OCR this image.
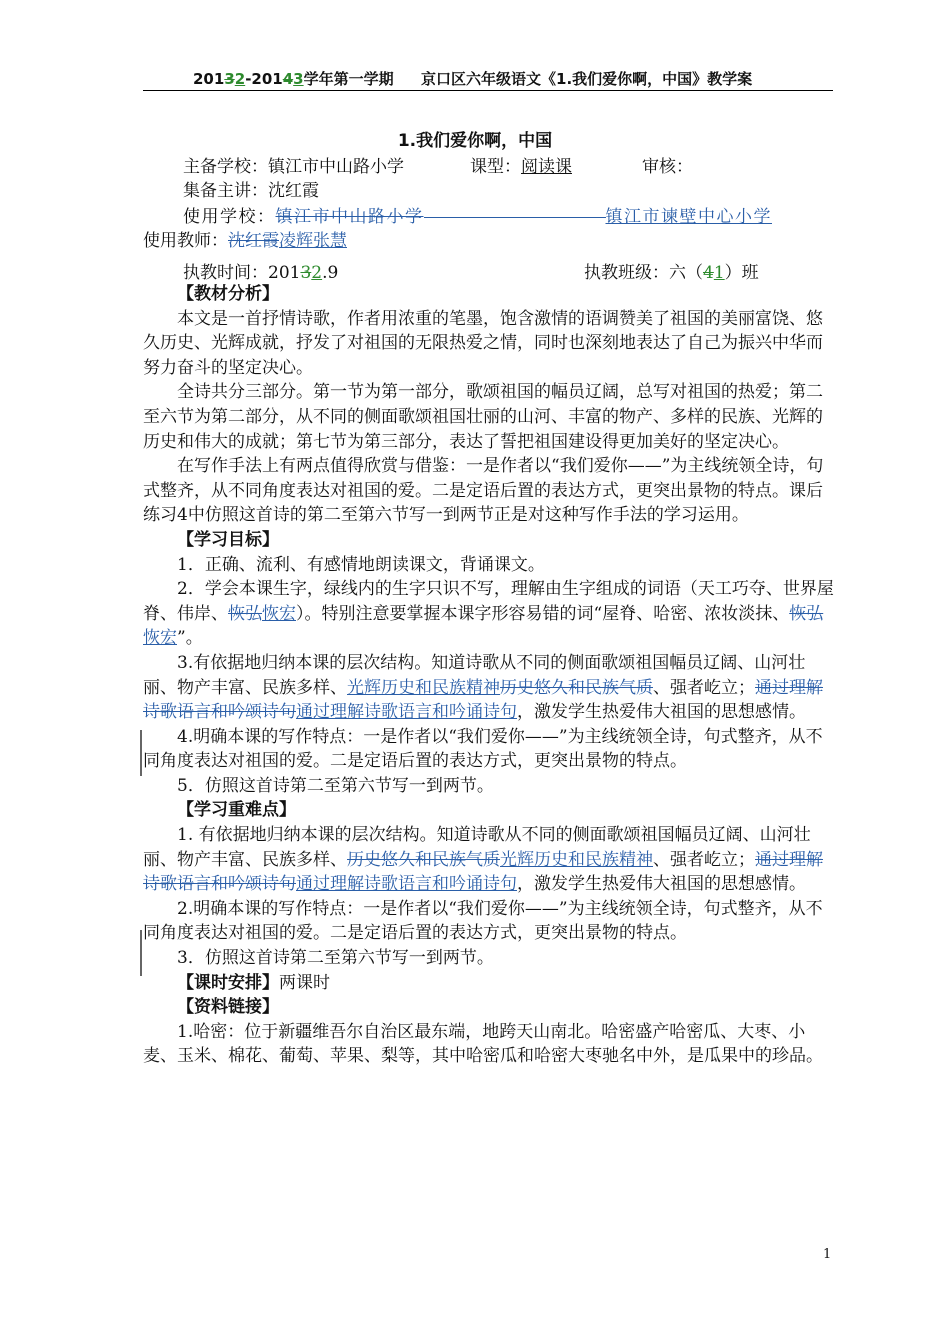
20132-20143学年第一学期 京口区六年级语文《1.我们爱你啊，中国》教学案
1.我们爱你啊，中国
主备学校：镇江市中山路小学	课型：阅读课	审核：
集备主讲：沈红霞
使用学校：镇江市中山路小学	镇江市谏壁中心小学
使用教师：沈红霞凌辉张慧
执教时间：20132.9	执教班级：六（41）班

【教材分析】

本文是一首抒情诗歌，作者用浓重的笔墨，饱含激情的语调赞美了祖国的美丽富饶、悠久历史、光辉成就，抒发了对祖国的无限热爱之情，同时也深刻地表达了自己为振兴中华而努力奋斗的坚定决心。

全诗共分三部分。第一节为第一部分，歌颂祖国的幅员辽阔，总写对祖国的热爱；第二至六节为第二部分，从不同的侧面歌颂祖国壮丽的山河、丰富的物产、多样的民族、光辉的历史和伟大的成就；第七节为第三部分，表达了誓把祖国建设得更加美好的坚定决心。

在写作手法上有两点值得欣赏与借鉴：一是作者以“我们爱你——”为主线统领全诗，句式整齐，从不同角度表达对祖国的爱。二是定语后置的表达方式，更突出景物的特点。课后练习4中仿照这首诗的第二至第六节写一到两节正是对这种写作手法的学习运用。

【学习目标】

1．正确、流利、有感情地朗读课文，背诵课文。

2．学会本课生字，绿线内的生字只识不写，理解由生字组成的词语（天工巧夺、世界屋脊、伟岸、恢弘恢宏）。特别注意要掌握本课字形容易错的词“屋脊、哈密、浓妆淡抹、恢弘恢宏”。

3.有依据地归纳本课的层次结构。知道诗歌从不同的侧面歌颂祖国幅员辽阔、山河壮丽、物产丰富、民族多样、光辉历史和民族精神历史悠久和民族气质、强者屹立；通过理解诗歌语言和吟颂诗句通过理解诗歌语言和吟诵诗句，激发学生热爱伟大祖国的思想感情。

4.明确本课的写作特点：一是作者以“我们爱你——”为主线统领全诗，句式整齐，从不同角度表达对祖国的爱。二是定语后置的表达方式，更突出景物的特点。

5．仿照这首诗第二至第六节写一到两节。

【学习重难点】

1. 有依据地归纳本课的层次结构。知道诗歌从不同的侧面歌颂祖国幅员辽阔、山河壮丽、物产丰富、民族多样、历史悠久和民族气质光辉历史和民族精神、强者屹立；通过理解诗歌语言和吟颂诗句通过理解诗歌语言和吟诵诗句，激发学生热爱伟大祖国的思想感情。

2.明确本课的写作特点：一是作者以“我们爱你——”为主线统领全诗，句式整齐，从不同角度表达对祖国的爱。二是定语后置的表达方式，更突出景物的特点。

3．仿照这首诗第二至第六节写一到两节。

【课时安排】两课时

【资料链接】

1.哈密：位于新疆维吾尔自治区最东端，地跨天山南北。哈密盛产哈密瓜、大枣、小麦、玉米、棉花、葡萄、苹果、梨等，其中哈密瓜和哈密大枣驰名中外，是瓜果中的珍品。

1
